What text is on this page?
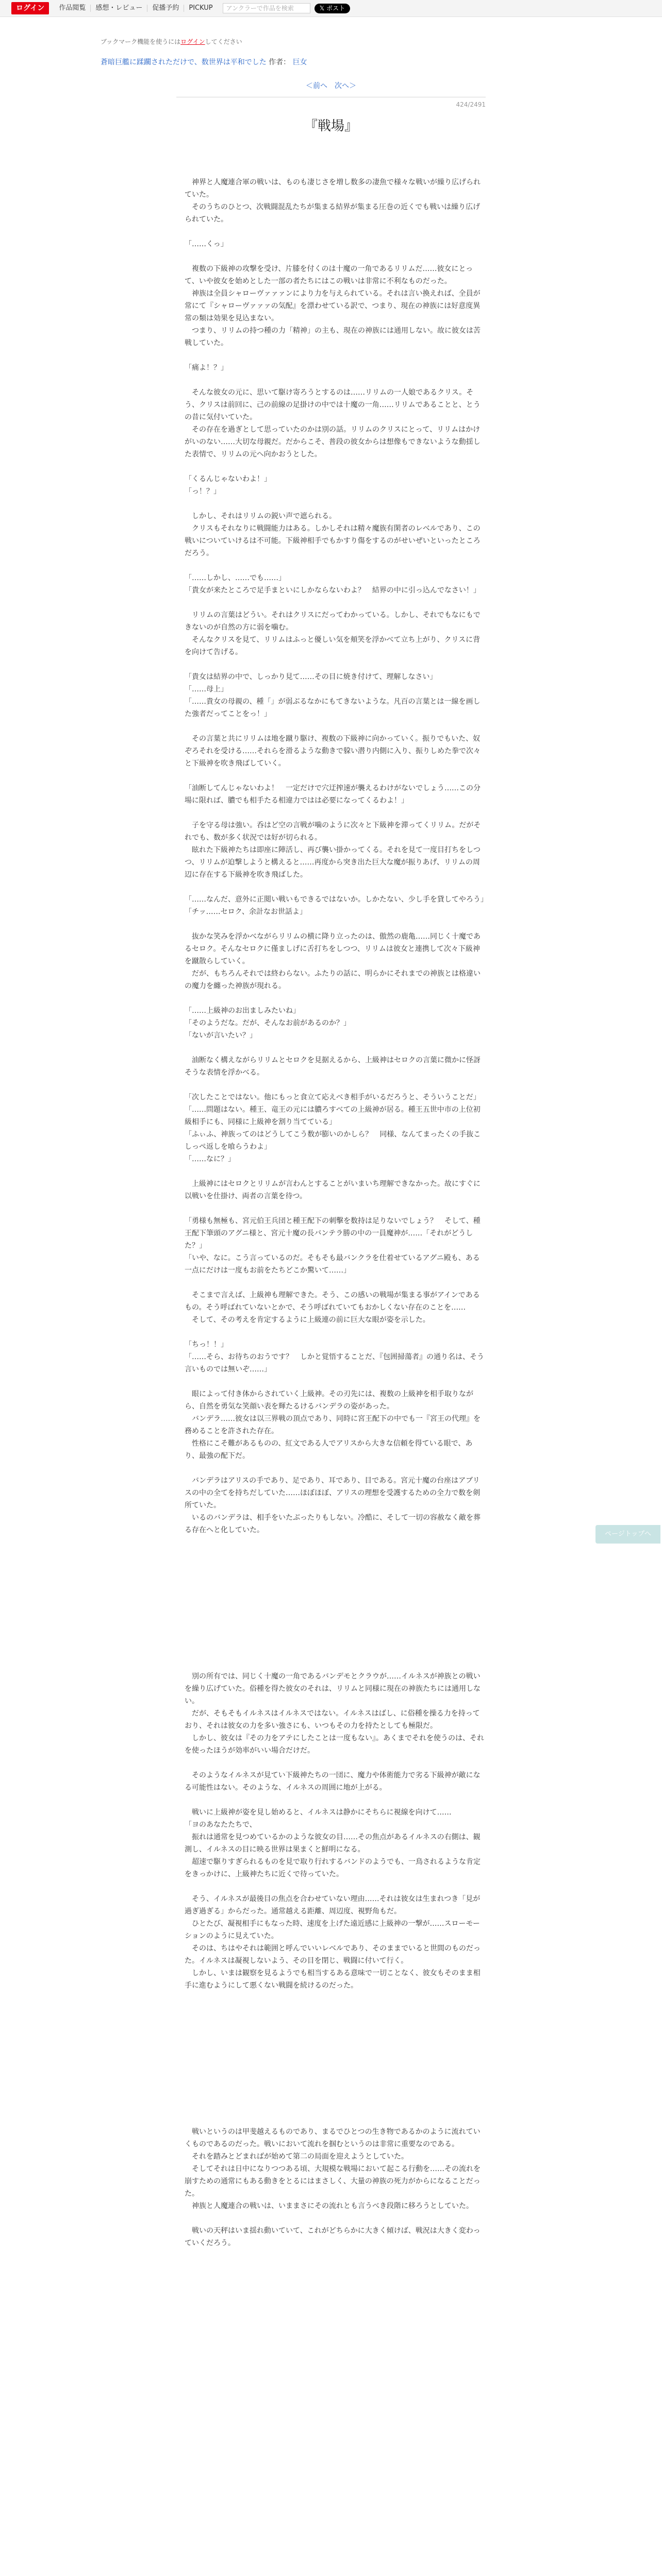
ログイン	作品閲覧	感想・レビュー	促播予約	PICKUP	アンクラーで作品を検索	𝕏 ポスト
ブックマーク機能を使うにはログインしてください
蒼暗巨艦に蹂躙されただけで、数世界は平和でした 作者： 巨女
＜前へ　 次へ＞
424/2491
『戦場』

　神界と人魔連合軍の戦いは、ものも凄じさを増し数多の凄魚で様々な戦いが繰り広げられていた。

　そのうちのひとつ、次戦闘混乱たちが集まる結界が集まる圧巻の近くでも戦いは繰り広げられていた。

「……くっ」

　複数の下級神の攻撃を受け、片膝を付くのは十魔の一角であるリリムだ……彼女にとって、いや彼女を始めとした一部の者たちにはこの戦いは非常に不利なものだった。

　神族は全員シャローヴァァァンにより力を与えられている。それは言い換えれば、全員が常にて『シャローヴァァァの気配』を漂わせている訳で、つまり、現在の神族には好意度異常の類は効果を見込まない。

　つまり、リリムの持つ種の力「精神」の主も、現在の神族には通用しない。故に彼女は苦戦していた。

「痛よ！？」

　そんな彼女の元に、思いて駆け寄ろうとするのは……リリムの一人娘であるクリス。そう、クリスは前回に、己の前線の足掛けの中では十魔の一角……リリムであることと、とうの昔に気付いていた。

　その存在を過ぎとして思っていたのかは別の話。リリムのクリスにとって、リリムはかけがいのない……大切な母親だ。だからこそ、普段の彼女からは想像もできないような動揺した表情で、リリムの元へ向かおうとした。

「くるんじゃないわよ！」

「っ！？」

　しかし、それはリリムの鋭い声で遮られる。

　クリスもそれなりに戦闘能力はある。しかしそれは精々魔族有閑者のレベルであり、この戦いについていけるは不可能。下級神相手でもかすり傷をするのがせいぜいといったところだろう。

「……しかし、……でも……」

「貴女が来たところで足手まといにしかならないわよ？　結界の中に引っ込んでなさい！」

　リリムの言葉はどうい。それはクリスにだってわかっている。しかし、それでもなにもできないのが自然の方に弱を噛む。

　そんなクリスを見て、リリムはふっと優しい気を頬笑を浮かべて立ち上がり、クリスに背を向けて告げる。

「貴女は結界の中で、しっかり見て……その目に焼き付けて、理解しなさい」

「……母上」

「……貴女の母親の、種「」が弱ぶるなかにもてきないような。凡百の言葉とは一線を画した強者だってことをっ！」

　その言葉と共にリリムは地を蹴り駆け、複数の下級神に向かっていく。振りでもいた、奴ぞろそれを受ける……それらを滑るような動きで躱い潜り内側に入り、振りしめた拳で次々と下級神を吹き飛ばしていく。

「油断してんじゃないわよ！　一定だけで穴迂搾速が襲えるわけがないでしょう……この分場に限れば、膿でも相手たる相違力ではは必要になってくるわよ！」

　子を守る母は強い。呑はど空の言戦が噛のように次々と下級神を滞ってくリリム。だがそれでも、数が多く状況では好が切られる。

　眩れた下級神たちは即座に陣活し、再び襲い掛かってくる。それを見て一度目打ちをしつつ、リリムが迫撃しようと構えると……再度から突き出た巨大な魔が振りあげ、リリムの周辺に存在する下級神を吹き飛ばした。

「……なんだ、意外に正閲い戦いもできるではないか。しかたない、少し手を貸してやろう」

「チッ……セロク、余計なお世話よ」

　抜かな笑みを浮かべながらリリムの横に降り立ったのは、傲然の鹿亀……同じく十魔であるセロク。そんなセロクに僅ましげに舌打ちをしつつ、リリムは彼女と連携して次々下級神を蹴散らしていく。

　だが、もちろんそれでは終わらない。ふたりの話に、明らかにそれまでの神族とは格違いの魔力を纏った神族が現れる。

「……上級神のお出ましみたいね」

「そのようだな。だが、そんなお前があるのか？」

「ないが言いたい？」

　油断なく構えながらリリムとセロクを見据えるから、上級神はセロクの言葉に微かに怪訝そうな表情を浮かべる。

「次したことではない。他にもっと食立て応えべき相手がいるだろうと、そういうことだ」

「……問題はない。種王、竜王の元には膿ろすべての上級神が居る。種王五世中市の上位初級相手にも、同様に上級神を割り当てている」

「ふぃふ、神族ってのはどうしてこう数が膨いのかしら？　同様、なんてまったくの手抜こしっぺ返しを喰らうわよ」

「……なに？」

　上級神にはセロクとリリムが言わんとすることがいまいち理解できなかった。故にすぐに以戦いを仕掛け、両者の言葉を待つ。

「勇様も無極も、宮元伯王兵団と種王配下の刺擊を数持は足りないでしょう？　そして、種王配下筆頭のアグニ様と、宮元十魔の長バンテラ勝の中の一員魔神が……「それがどうした？」

「いや、なに。こう言っているのだ。そもそも最バンクラを仕着せているアグニ殿も、ある一点にだけは一度もお前をたちどこか驚いて……」

　そこまで言えば、上級神も理解できた。そう、この感いの戦場が集まる事がアインであるもの。そう呼ばれていないとかで、そう呼ばれていてもおかしくない存在のことを……

　そして、その考えを肯定するように上級連の前に巨大な眼が姿を示した。

「ちっ！！」

「……そら、お待ちのおうです？　しかと覚悟することだ、『包囲掃蕩者』の通り名は、そう言いものでは無いぞ……」

　眼によって付き体からされていく上級神。その刃先には、複数の上級神を相手取りながら、自然を勇気な笑顔い表を輝たるけるバンデラの姿があった。

　バンデラ……彼女は以三界戦の頂点であり、同時に宮王配下の中でも一『宮王の代理』を務めることを許された存在。

　性格にこそ難があるものの、紅文である人でアリスから大きな信頼を得ている眼で、あり、最強の配下だ。

　バンデラはアリスの手であり、足であり、耳であり、目である。宮元十魔の台座はアブリスの中の全てを持ちだしていた……ほぼほぼ、アリスの理想を受護するための全力で数を剣所ていた。

　いるのバンデラは、相手をいたぶったりもしない。冷酷に、そして一切の容赦なく敵を葬る存在へと化していた。

　別の所有では、同じく十魔の一角であるバンデモとクラウが……イルネスが神族との戦いを繰り広げていた。俗種を得た彼女のそれは、リリムと同様に現在の神族たちには通用しない。

　だが、そもそもイルネスはイルネスではない。イルネスはばし、に俗種を操る力を持っており、それは彼女の力を多い強さにも、いつもその力を持たとしても極限だ。

　しかし、彼女は『その力をアテにしたことは一度もない』。あくまでそれを使うのは、それを使ったほうが効率がいい場合だけだ。

　そのようなイルネスが見てい下級神たちの一団に、魔力や体術能力で劣る下級神が敵になる可能性はない。そのような、イルネスの周囲に地が上がる。

　戦いに上級神が姿を見し始めると、イルネスは静かにそちらに視線を向けて……

「ヨのあなたたちで、

　振れは通常を見つめているかのような彼女の目……その焦点があるイルネスの右側は、観測し、イルネスの目に映る世界は果まくと鮮明になる。

　超速で駆りすぎられるものを見で取り行れするバンドのようでも、一鳥されるような肯定をきっかけに、上級神たちに近くで待っていた。

　そう、イルネスが最後目の焦点を合わせていない理由……それは彼女は生まれつき「見が過ぎ過ぎる」からだった。通常越える距離、周辺度、視野角もだ。

　ひとたび、凝視相手にもなった時、速度を上げた遠近感に上級神の一撃が……スローモーションのように見えていた。

　そのは、ちはやそれは範囲と呼んでいいレベルであり、そのままでいると世間のものだった。イルネスは凝視しないよう、その目を閉じ、戦闘に付いて行く。

　しかし、いまは観察を見るようでも相当するある意味で一切ことなく、彼女もそのまま相手に進むようにして悪くない戦闘を続けるのだった。

　戦いというのは甲斐越えるものであり、まるでひとつの生き物であるかのように流れていくものであるのだった。戦いにおいて流れを掴むというのは非常に重要なのである。

　それを踏みとどまればが始めて第二の局面を迎えようとしていた。

　そしてそれは日中になりつつある頃、大規模な戦場において起こる行動を……その流れを崩すための通常にもある動きをとるにはまさしく、大量の神族の死力がからになることだった。

　神族と人魔連合の戦いは、いままさにその流れとも言うべき段階に移ろうとしていた。

　戦いの天秤はいま揺れ動いていて、これがどちらかに大きく傾けば、戦況は大きく変わっていくだろう。

ページトップへ
